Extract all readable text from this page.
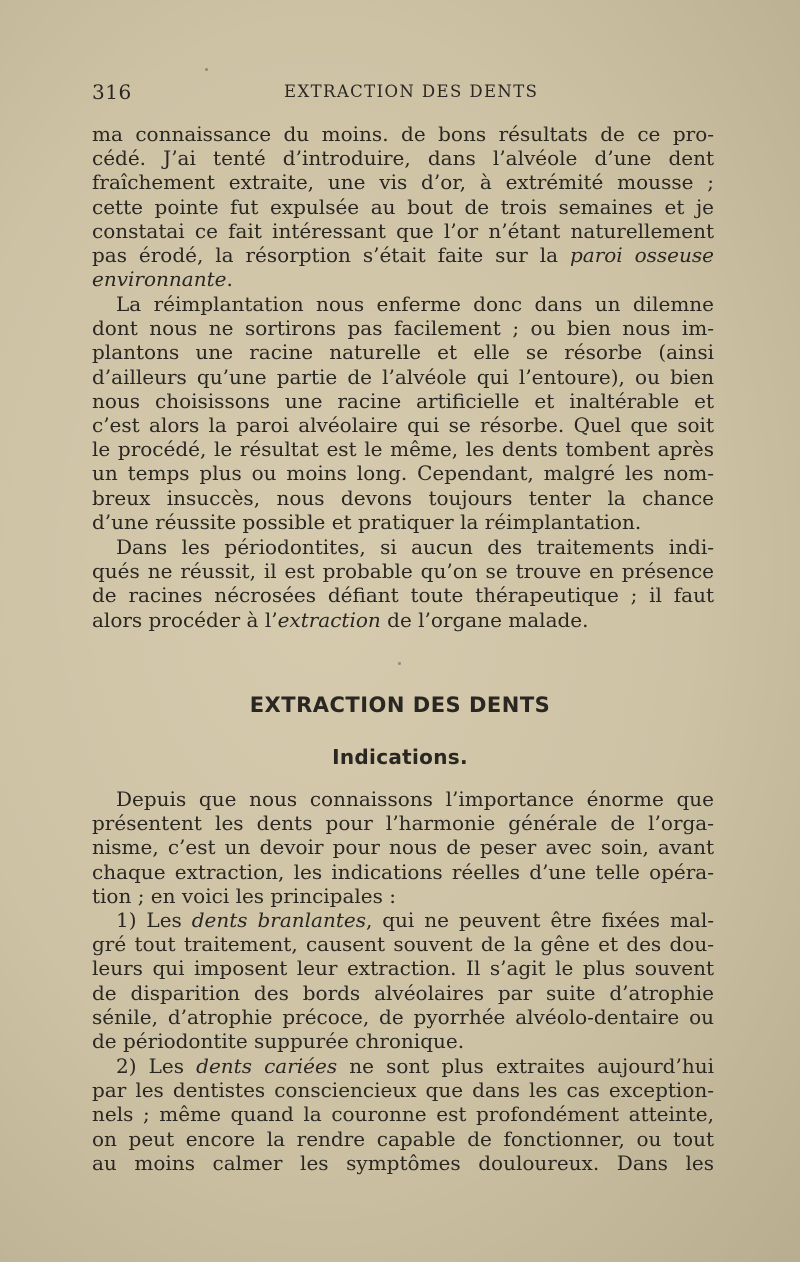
316	EXTRACTION DES DENTS
ma connaissance du moins. de bons résultats de ce pro-
cédé. J’ai tenté d’introduire, dans l’alvéole d’une dent
fraîchement extraite, une vis d’or, à extrémité mousse ;
cette pointe fut expulsée au bout de trois semaines et je
constatai ce fait intéressant que l’or n’étant naturellement
pas érodé, la résorption s’était faite sur la paroi osseuse
environnante.
La réimplantation nous enferme donc dans un dilemne
dont nous ne sortirons pas facilement ; ou bien nous im-
plantons une racine naturelle et elle se résorbe (ainsi
d’ailleurs qu’une partie de l’alvéole qui l’entoure), ou bien
nous choisissons une racine artificielle et inaltérable et
c’est alors la paroi alvéolaire qui se résorbe. Quel que soit
le procédé, le résultat est le même, les dents tombent après
un temps plus ou moins long. Cependant, malgré les nom-
breux insuccès, nous devons toujours tenter la chance
d’une réussite possible et pratiquer la réimplantation.
Dans les périodontites, si aucun des traitements indi-
qués ne réussit, il est probable qu’on se trouve en présence
de racines nécrosées défiant toute thérapeutique ; il faut
alors procéder à l’extraction de l’organe malade.
EXTRACTION DES DENTS
Indications.
Depuis que nous connaissons l’importance énorme que
présentent les dents pour l’harmonie générale de l’orga-
nisme, c’est un devoir pour nous de peser avec soin, avant
chaque extraction, les indications réelles d’une telle opéra-
tion ; en voici les principales :
1) Les dents branlantes, qui ne peuvent être fixées mal-
gré tout traitement, causent souvent de la gêne et des dou-
leurs qui imposent leur extraction. Il s’agit le plus souvent
de disparition des bords alvéolaires par suite d’atrophie
sénile, d’atrophie précoce, de pyorrhée alvéolo-dentaire ou
de périodontite suppurée chronique.
2) Les dents cariées ne sont plus extraites aujourd’hui
par les dentistes consciencieux que dans les cas exception-
nels ; même quand la couronne est profondément atteinte,
on peut encore la rendre capable de fonctionner, ou tout
au moins calmer les symptômes douloureux. Dans les
